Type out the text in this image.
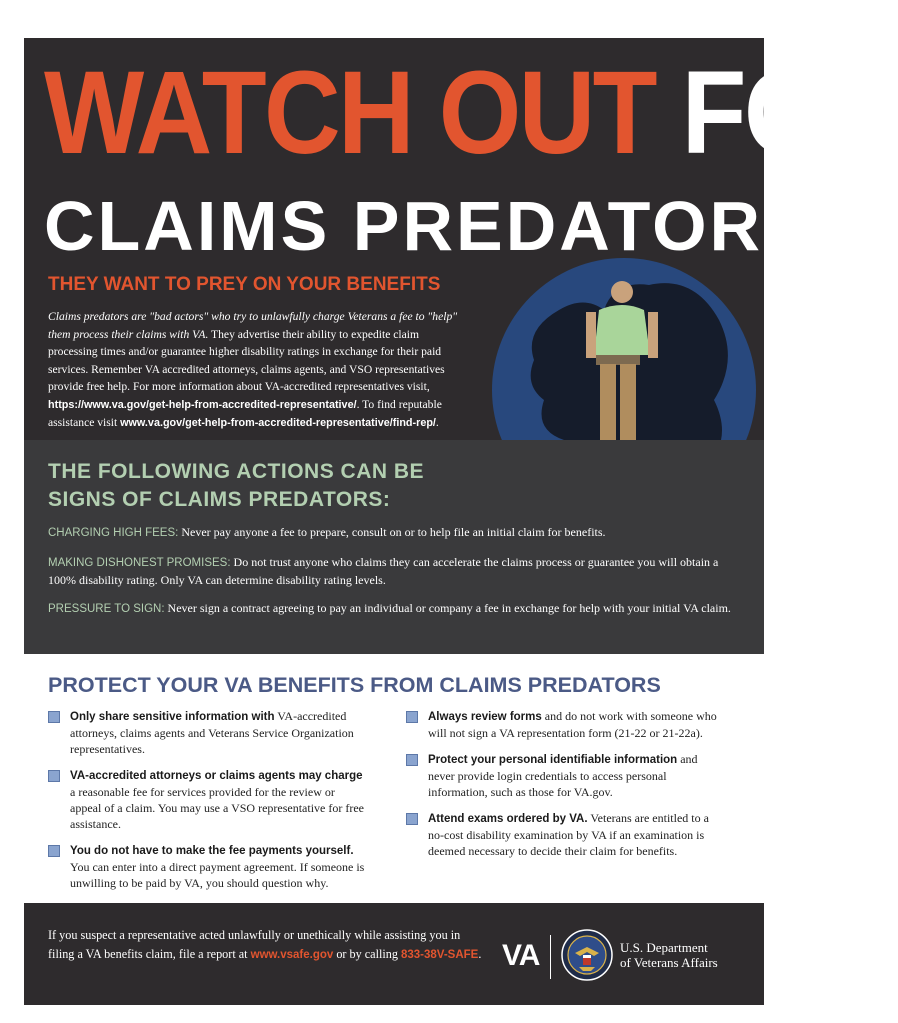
WATCH OUT FOR
CLAIMS PREDATORS!
THEY WANT TO PREY ON YOUR BENEFITS
Claims predators are "bad actors" who try to unlawfully charge Veterans a fee to "help" them process their claims with VA. They advertise their ability to expedite claim processing times and/or guarantee higher disability ratings in exchange for their paid services. Remember VA accredited attorneys, claims agents, and VSO representatives provide free help. For more information about VA-accredited representatives visit, https://www.va.gov/get-help-from-accredited-representative/. To find reputable assistance visit www.va.gov/get-help-from-accredited-representative/find-rep/.
THE FOLLOWING ACTIONS CAN BE
SIGNS OF CLAIMS PREDATORS:
CHARGING HIGH FEES: Never pay anyone a fee to prepare, consult on or to help file an initial claim for benefits.
MAKING DISHONEST PROMISES: Do not trust anyone who claims they can accelerate the claims process or guarantee you will obtain a 100% disability rating. Only VA can determine disability rating levels.
PRESSURE TO SIGN: Never sign a contract agreeing to pay an individual or company a fee in exchange for help with your initial VA claim.
PROTECT YOUR VA BENEFITS FROM CLAIMS PREDATORS
Only share sensitive information with VA-accredited attorneys, claims agents and Veterans Service Organization representatives.
VA-accredited attorneys or claims agents may charge a reasonable fee for services provided for the review or appeal of a claim. You may use a VSO representative for free assistance.
You do not have to make the fee payments yourself. You can enter into a direct payment agreement. If someone is unwilling to be paid by VA, you should question why.
Always review forms and do not work with someone who will not sign a VA representation form (21-22 or 21-22a).
Protect your personal identifiable information and never provide login credentials to access personal information, such as those for VA.gov.
Attend exams ordered by VA. Veterans are entitled to a no-cost disability examination by VA if an examination is deemed necessary to decide their claim for benefits.
If you suspect a representative acted unlawfully or unethically while assisting you in filing a VA benefits claim, file a report at www.vsafe.gov or by calling 833-38V-SAFE. VA	U.S. Department
of Veterans Affairs
